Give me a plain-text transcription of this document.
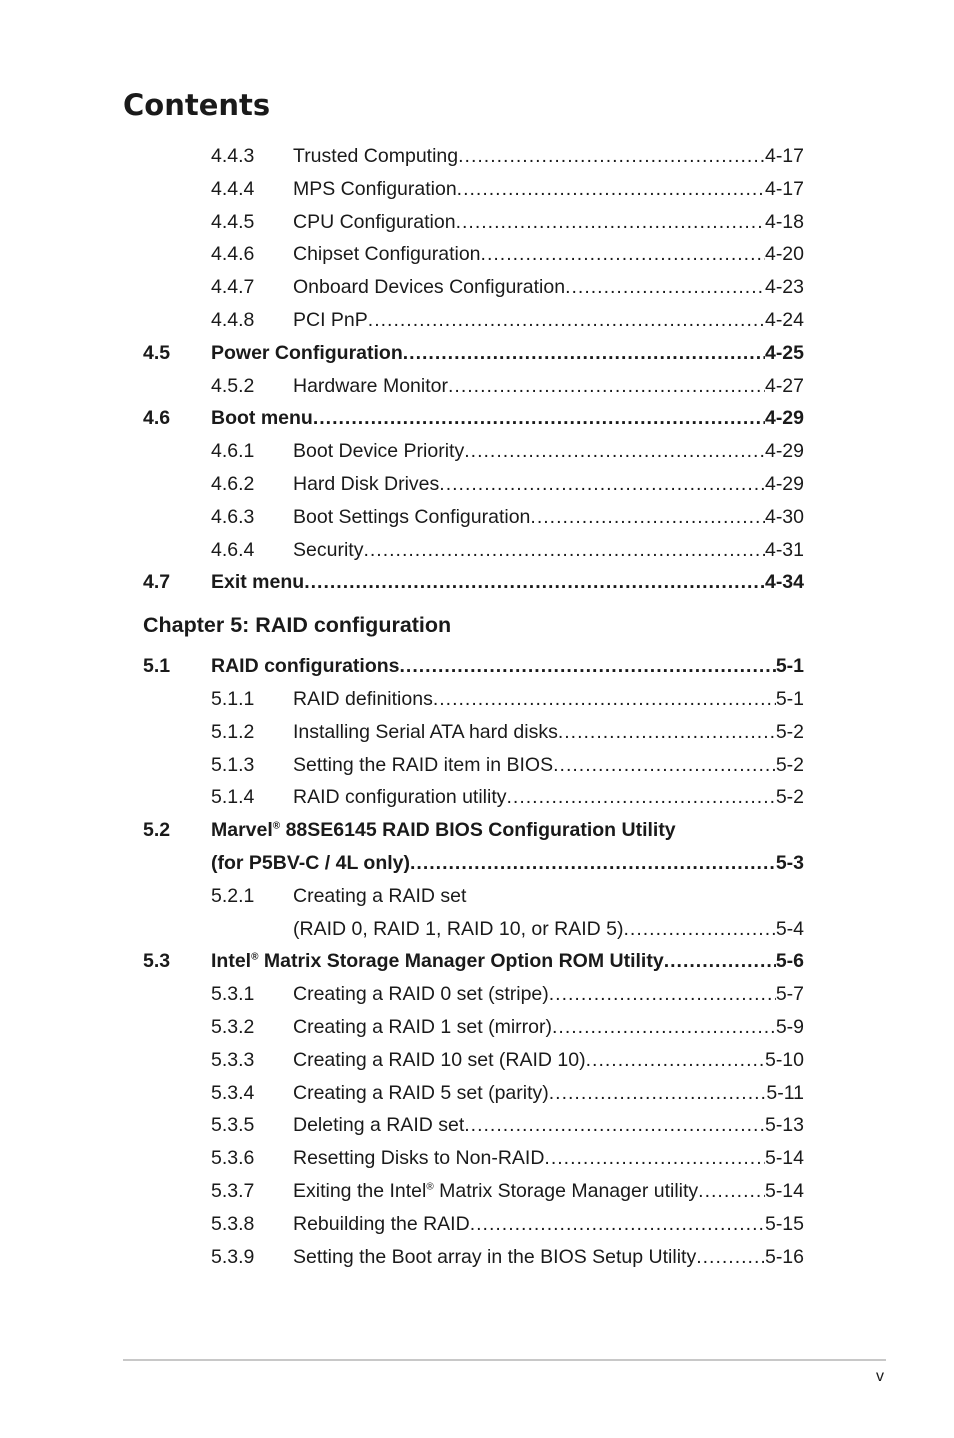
Contents
4.4.3 Trusted Computing .....	4-17
4.4.4 MPS Configuration .....	4-17
4.4.5 CPU Configuration .....	4-18
4.4.6 Chipset Configuration .....	4-20
4.4.7 Onboard Devices Configuration .....	4-23
4.4.8 PCI PnP .....	4-24
4.5 Power Configuration .....	4-25
4.5.2 Hardware Monitor .....	4-27
4.6 Boot menu .....	4-29
4.6.1 Boot Device Priority .....	4-29
4.6.2 Hard Disk Drives .....	4-29
4.6.3 Boot Settings Configuration .....	4-30
4.6.4 Security .....	4-31
4.7 Exit menu .....	4-34
Chapter 5: RAID configuration
5.1 RAID configurations .....	5-1
5.1.1 RAID definitions .....	5-1
5.1.2 Installing Serial ATA hard disks .....	5-2
5.1.3 Setting the RAID item in BIOS .....	5-2
5.1.4 RAID configuration utility .....	5-2
5.2 Marvel® 88SE6145 RAID BIOS Configuration Utility
(for P5BV-C / 4L only) .....	5-3
5.2.1 Creating a RAID set
(RAID 0, RAID 1, RAID 10, or RAID 5) .....	5-4
5.3 Intel® Matrix Storage Manager Option ROM Utility .....	5-6
5.3.1 Creating a RAID 0 set (stripe) .....	5-7
5.3.2 Creating a RAID 1 set (mirror) .....	5-9
5.3.3 Creating a RAID 10 set (RAID 10) .....	5-10
5.3.4 Creating a RAID 5 set (parity) .....	5-11
5.3.5 Deleting a RAID set .....	5-13
5.3.6 Resetting Disks to Non-RAID .....	5-14
5.3.7 Exiting the Intel® Matrix Storage Manager utility .....	5-14
5.3.8 Rebuilding the RAID .....	5-15
5.3.9 Setting the Boot array in the BIOS Setup Utility .....	5-16
v
